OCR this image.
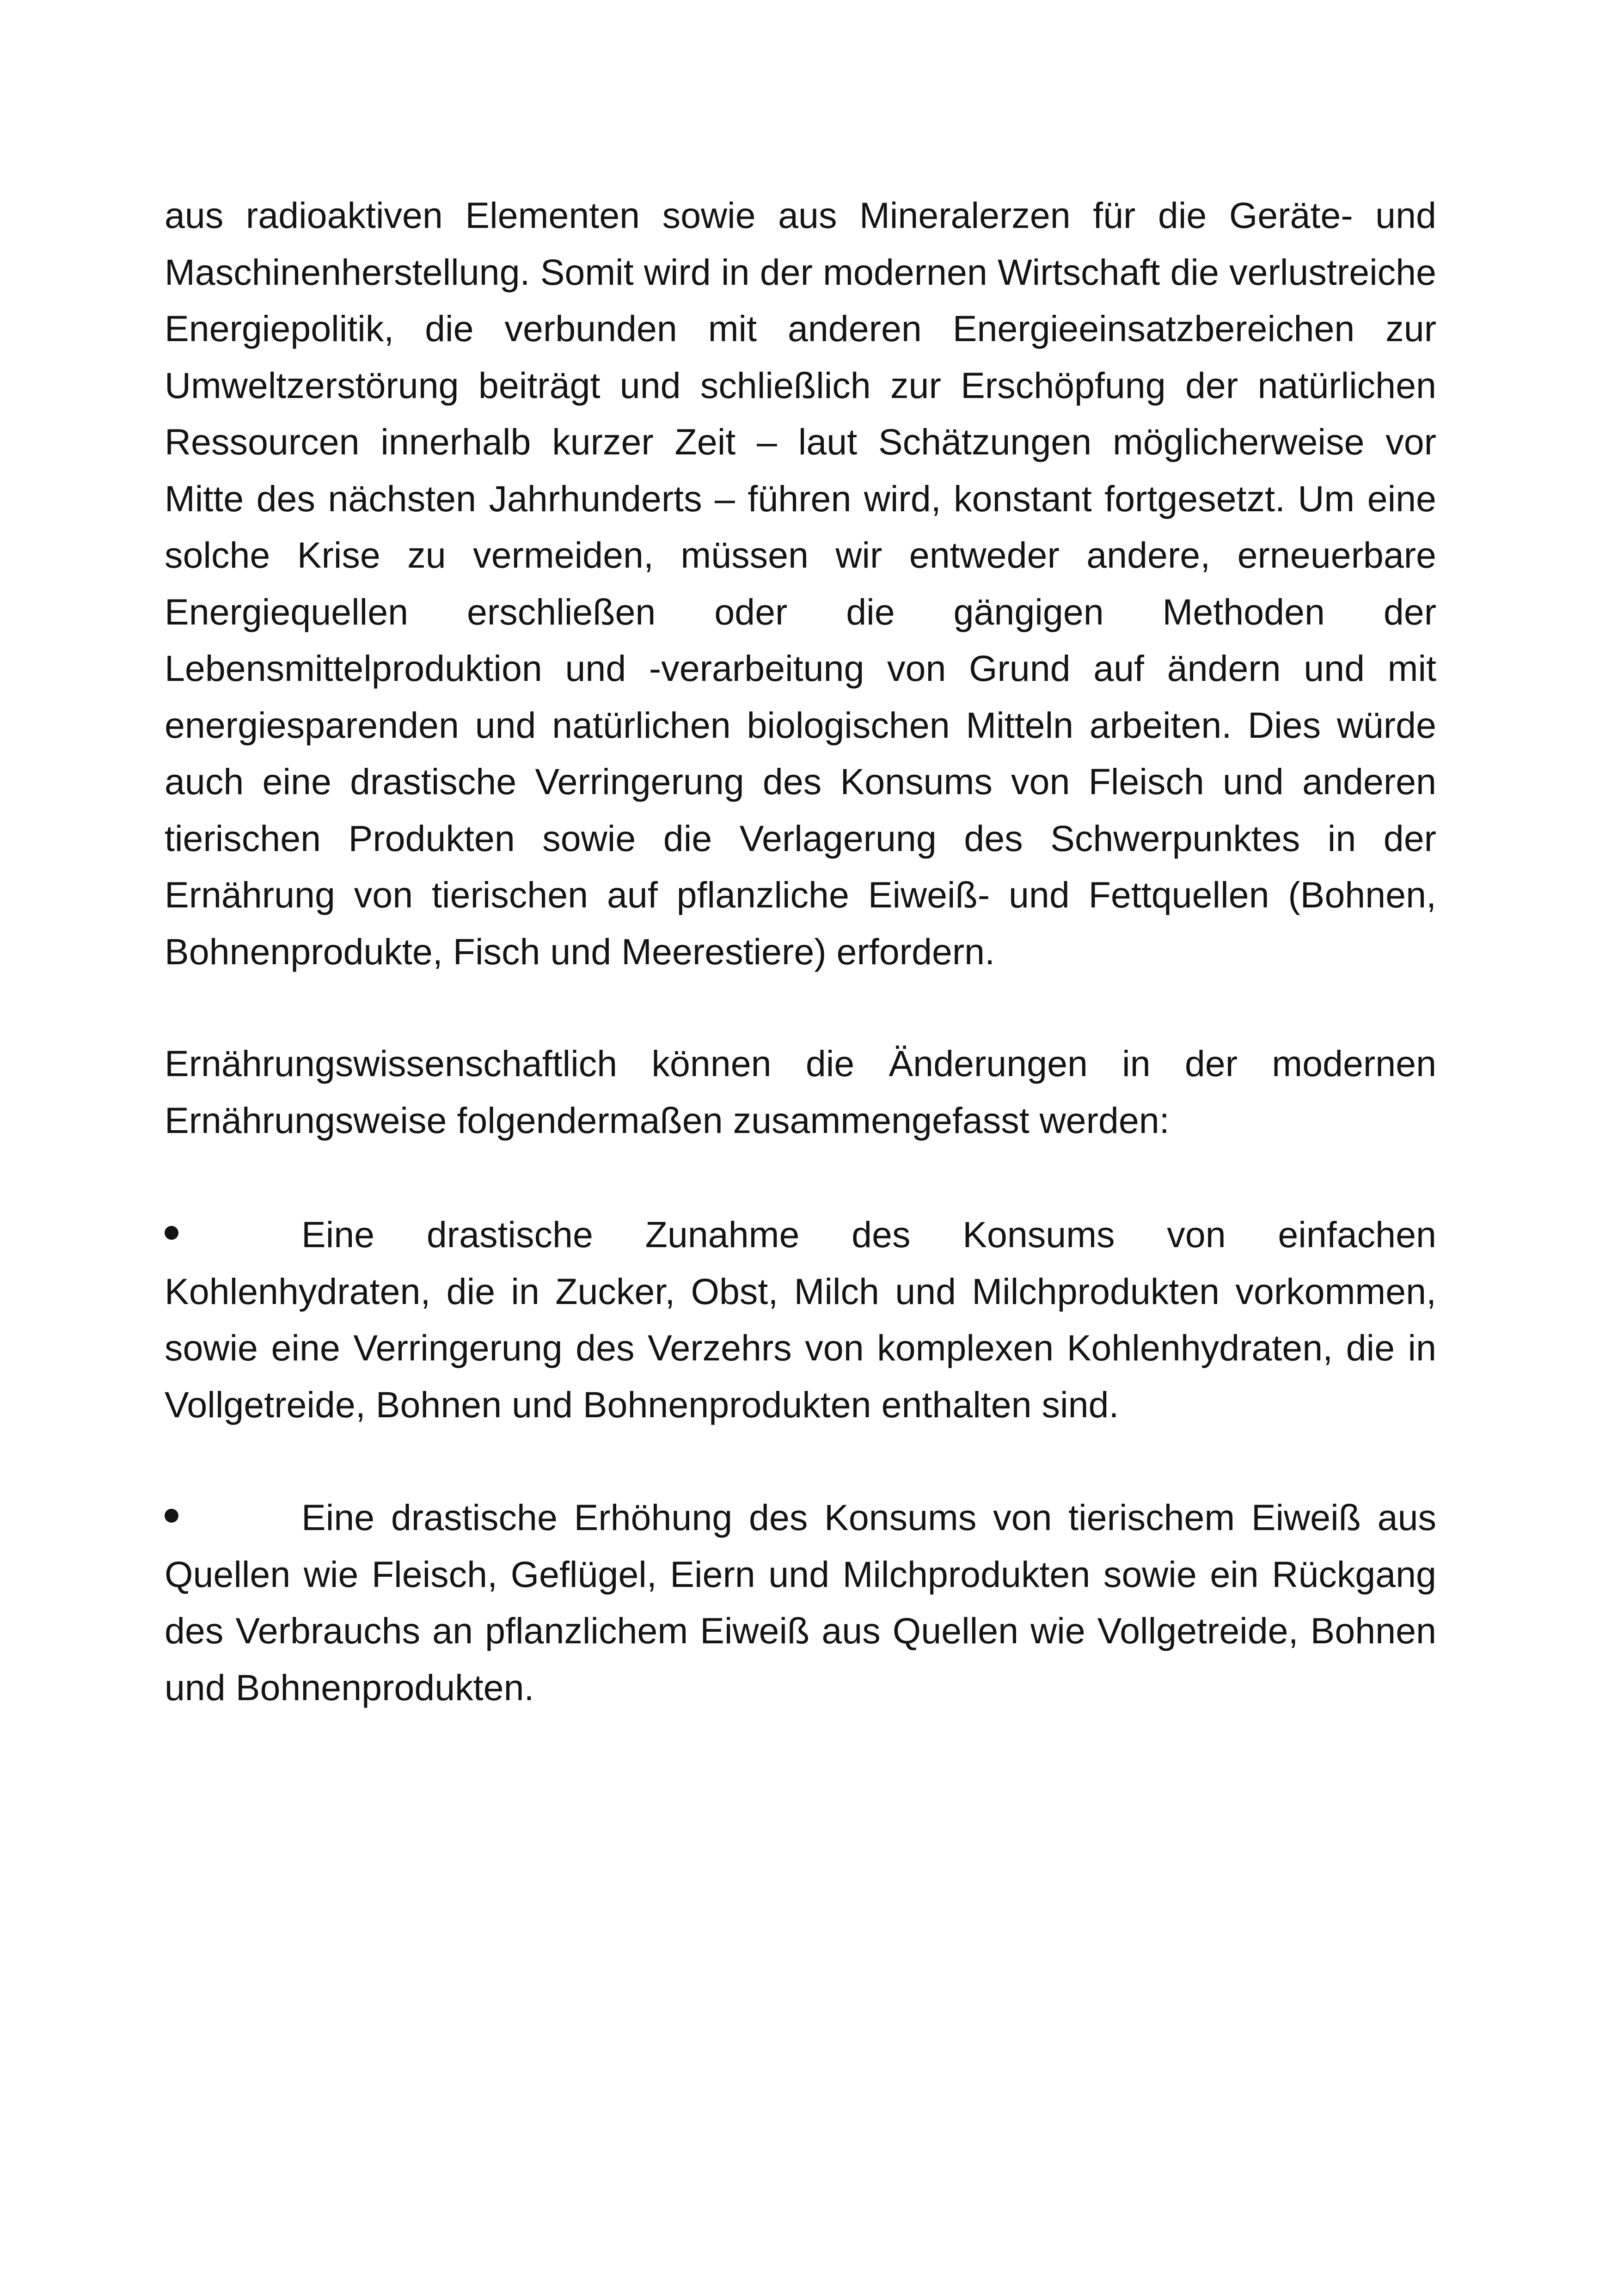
aus radioaktiven Elementen sowie aus Mineralerzen für die Geräte- und Maschinenherstellung. Somit wird in der modernen Wirtschaft die verlustreiche Energiepolitik, die verbunden mit anderen Energieeinsatzbereichen zur Umweltzerstörung beiträgt und schließlich zur Erschöpfung der natürlichen Ressourcen innerhalb kurzer Zeit – laut Schätzungen möglicherweise vor Mitte des nächsten Jahrhunderts – führen wird, konstant fortgesetzt. Um eine solche Krise zu vermeiden, müssen wir entweder andere, erneuerbare Energiequellen erschließen oder die gängigen Methoden der Lebensmittelproduktion und -verarbeitung von Grund auf ändern und mit energiesparenden und natürlichen biologischen Mitteln arbeiten. Dies würde auch eine drastische Verringerung des Konsums von Fleisch und anderen tierischen Produkten sowie die Verlagerung des Schwerpunktes in der Ernährung von tierischen auf pflanzliche Eiweiß- und Fettquellen (Bohnen, Bohnenprodukte, Fisch und Meerestiere) erfordern.

Ernährungswissenschaftlich können die Änderungen in der modernen Ernährungsweise folgendermaßen zusammengefasst werden:

Eine drastische Zunahme des Konsums von einfachen Kohlenhydraten, die in Zucker, Obst, Milch und Milchprodukten vorkommen, sowie eine Verringerung des Verzehrs von komplexen Kohlenhydraten, die in Vollgetreide, Bohnen und Bohnenprodukten enthalten sind.
Eine drastische Erhöhung des Konsums von tierischem Eiweiß aus Quellen wie Fleisch, Geflügel, Eiern und Milchprodukten sowie ein Rückgang des Verbrauchs an pflanzlichem Eiweiß aus Quellen wie Vollgetreide, Bohnen und Bohnenprodukten.
